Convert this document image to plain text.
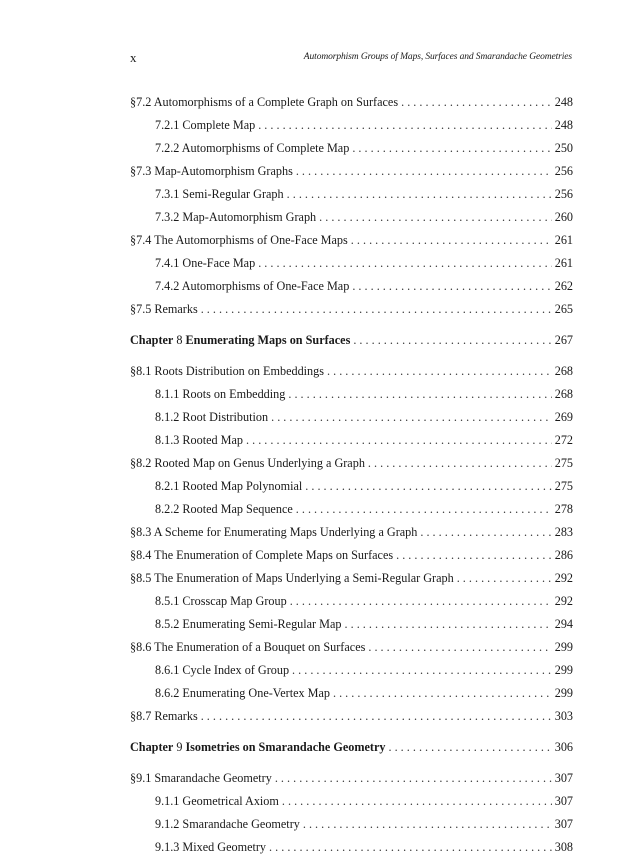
x	Automorphism Groups of Maps, Surfaces and Smarandache Geometries
§7.2 Automorphisms of a Complete Graph on Surfaces . . .	248
7.2.1 Complete Map . . .	248
7.2.2 Automorphisms of Complete Map . . .	250
§7.3 Map-Automorphism Graphs . . .	256
7.3.1 Semi-Regular Graph . . .	256
7.3.2 Map-Automorphism Graph . . .	260
§7.4 The Automorphisms of One-Face Maps . . .	261
7.4.1 One-Face Map . . .	261
7.4.2 Automorphisms of One-Face Map . . .	262
§7.5 Remarks . . .	265
Chapter 8 Enumerating Maps on Surfaces . . .	267
§8.1 Roots Distribution on Embeddings . . .	268
8.1.1 Roots on Embedding . . .	268
8.1.2 Root Distribution . . .	269
8.1.3 Rooted Map . . .	272
§8.2 Rooted Map on Genus Underlying a Graph . . .	275
8.2.1 Rooted Map Polynomial . . .	275
8.2.2 Rooted Map Sequence . . .	278
§8.3 A Scheme for Enumerating Maps Underlying a Graph . . .	283
§8.4 The Enumeration of Complete Maps on Surfaces . . .	286
§8.5 The Enumeration of Maps Underlying a Semi-Regular Graph . . .	292
8.5.1 Crosscap Map Group . . .	292
8.5.2 Enumerating Semi-Regular Map . . .	294
§8.6 The Enumeration of a Bouquet on Surfaces . . .	299
8.6.1 Cycle Index of Group . . .	299
8.6.2 Enumerating One-Vertex Map . . .	299
§8.7 Remarks . . .	303
Chapter 9 Isometries on Smarandache Geometry . . .	306
§9.1 Smarandache Geometry . . .	307
9.1.1 Geometrical Axiom . . .	307
9.1.2 Smarandache Geometry . . .	307
9.1.3 Mixed Geometry . . .	308
